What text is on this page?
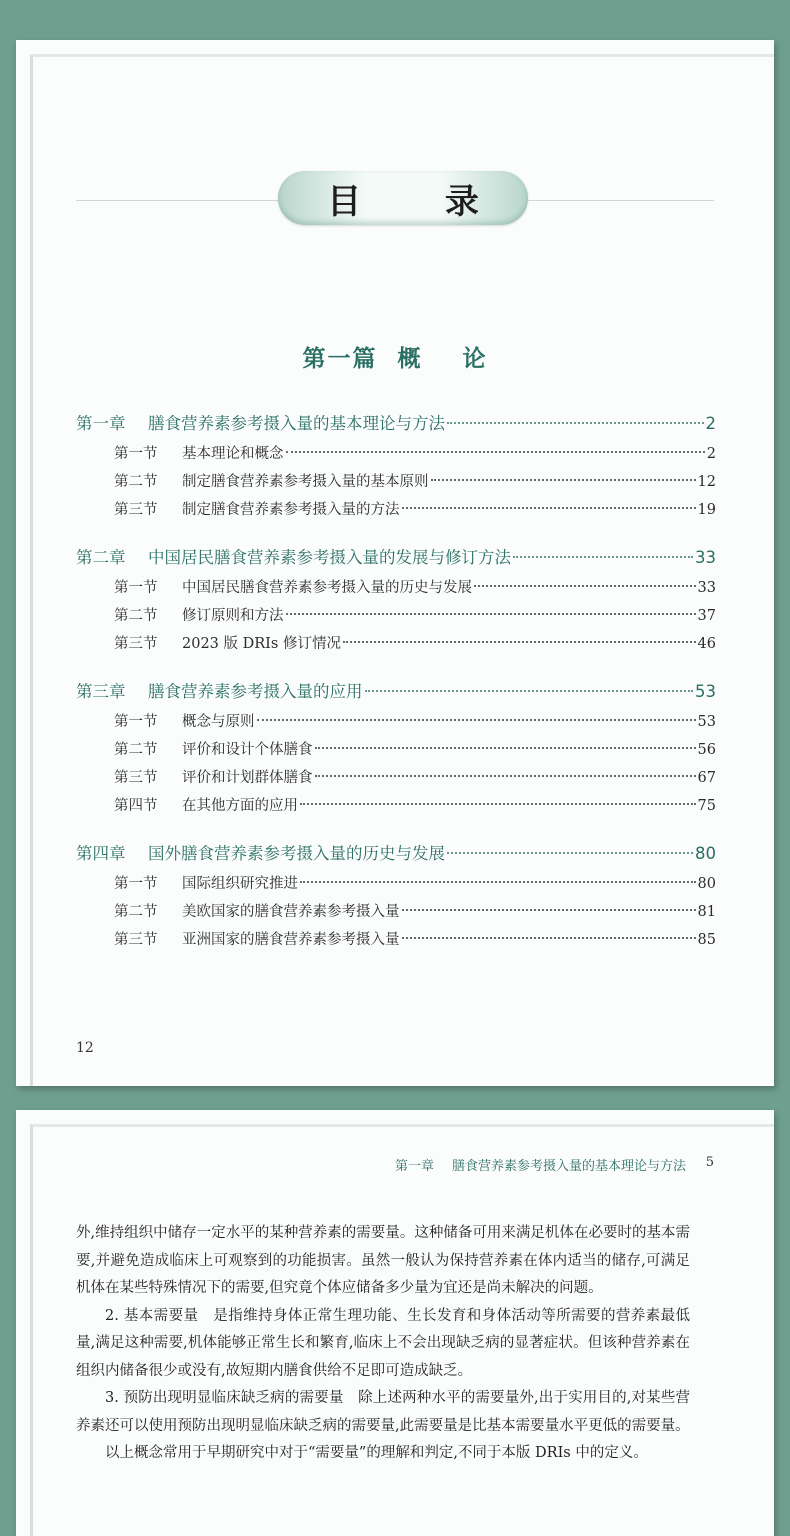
目 录
第一篇  概    论
第一章	膳食营养素参考摄入量的基本理论与方法	2
第一节	基本理论和概念	2
第二节	制定膳食营养素参考摄入量的基本原则	12
第三节	制定膳食营养素参考摄入量的方法	19
第二章	中国居民膳食营养素参考摄入量的发展与修订方法	33
第一节	中国居民膳食营养素参考摄入量的历史与发展	33
第二节	修订原则和方法	37
第三节	2023 版 DRIs 修订情况	46
第三章	膳食营养素参考摄入量的应用	53
第一节	概念与原则	53
第二节	评价和设计个体膳食	56
第三节	评价和计划群体膳食	67
第四节	在其他方面的应用	75
第四章	国外膳食营养素参考摄入量的历史与发展	80
第一节	国际组织研究推进	80
第二节	美欧国家的膳食营养素参考摄入量	81
第三节	亚洲国家的膳食营养素参考摄入量	85
12
第一章 膳食营养素参考摄入量的基本理论与方法 5

外,维持组织中储存一定水平的某种营养素的需要量。这种储备可用来满足机体在必要时的基本需要,并避免造成临床上可观察到的功能损害。虽然一般认为保持营养素在体内适当的储存,可满足机体在某些特殊情况下的需要,但究竟个体应储备多少量为宜还是尚未解决的问题。

2. 基本需要量　是指维持身体正常生理功能、生长发育和身体活动等所需要的营养素最低量,满足这种需要,机体能够正常生长和繁育,临床上不会出现缺乏病的显著症状。但该种营养素在组织内储备很少或没有,故短期内膳食供给不足即可造成缺乏。

3. 预防出现明显临床缺乏病的需要量　除上述两种水平的需要量外,出于实用目的,对某些营养素还可以使用预防出现明显临床缺乏病的需要量,此需要量是比基本需要量水平更低的需要量。

以上概念常用于早期研究中对于“需要量”的理解和判定,不同于本版 DRIs 中的定义。
